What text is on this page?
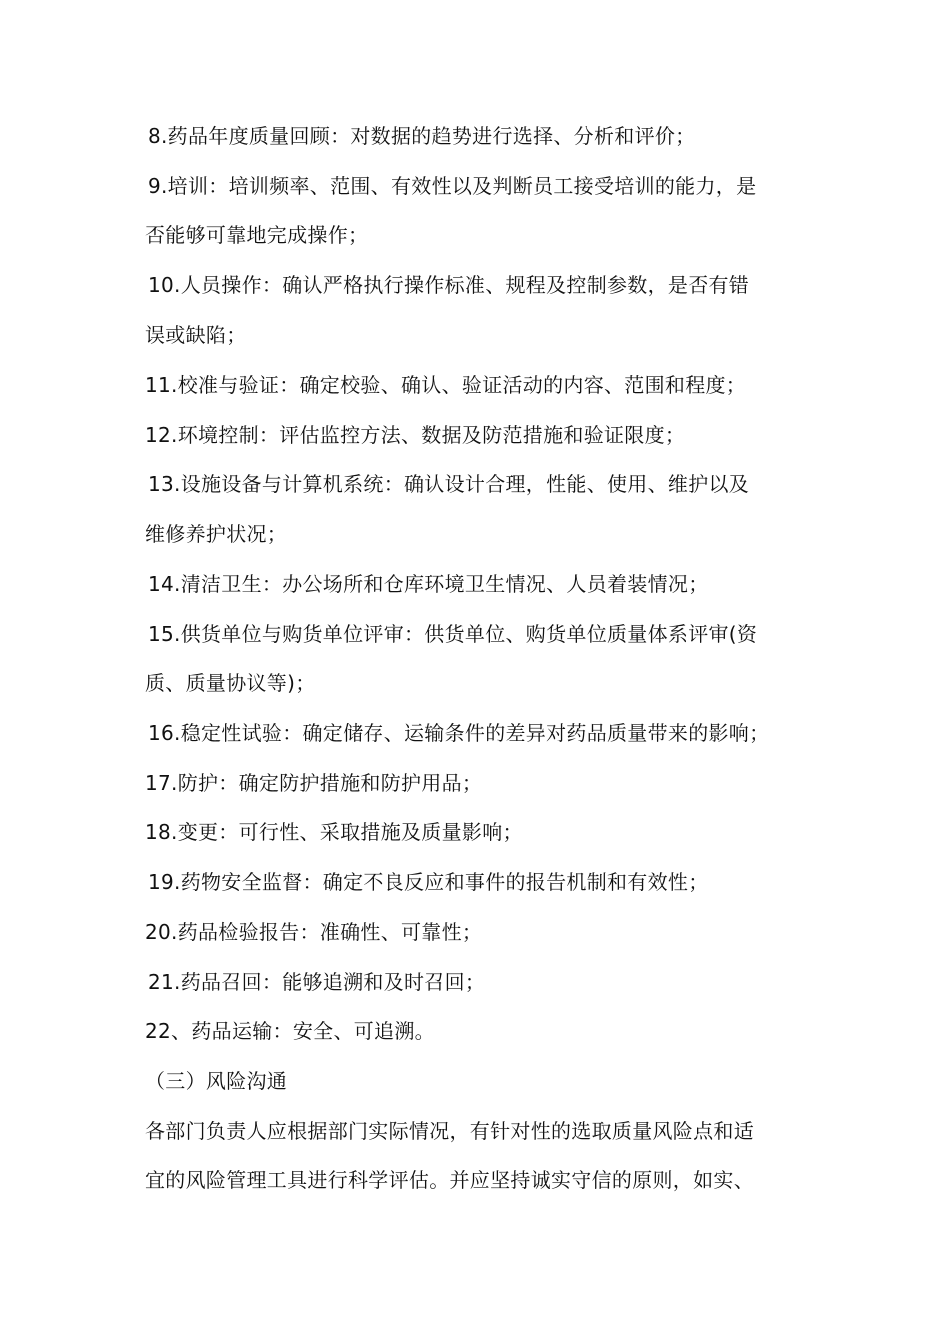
8.药品年度质量回顾：对数据的趋势进行选择、分析和评价；
9.培训：培训频率、范围、有效性以及判断员工接受培训的能力，是
否能够可靠地完成操作；
10.人员操作：确认严格执行操作标准、规程及控制参数，是否有错
误或缺陷；
11.校准与验证：确定校验、确认、验证活动的内容、范围和程度；
12.环境控制：评估监控方法、数据及防范措施和验证限度；
13.设施设备与计算机系统：确认设计合理，性能、使用、维护以及
维修养护状况；
14.清洁卫生：办公场所和仓库环境卫生情况、人员着装情况；
15.供货单位与购货单位评审：供货单位、购货单位质量体系评审(资
质、质量协议等)；
16.稳定性试验：确定储存、运输条件的差异对药品质量带来的影响；
17.防护：确定防护措施和防护用品；
18.变更：可行性、采取措施及质量影响；
19.药物安全监督：确定不良反应和事件的报告机制和有效性；
20.药品检验报告：准确性、可靠性；
21.药品召回：能够追溯和及时召回；
22、药品运输：安全、可追溯。
（三）风险沟通
各部门负责人应根据部门实际情况，有针对性的选取质量风险点和适
宜的风险管理工具进行科学评估。并应坚持诚实守信的原则，如实、
